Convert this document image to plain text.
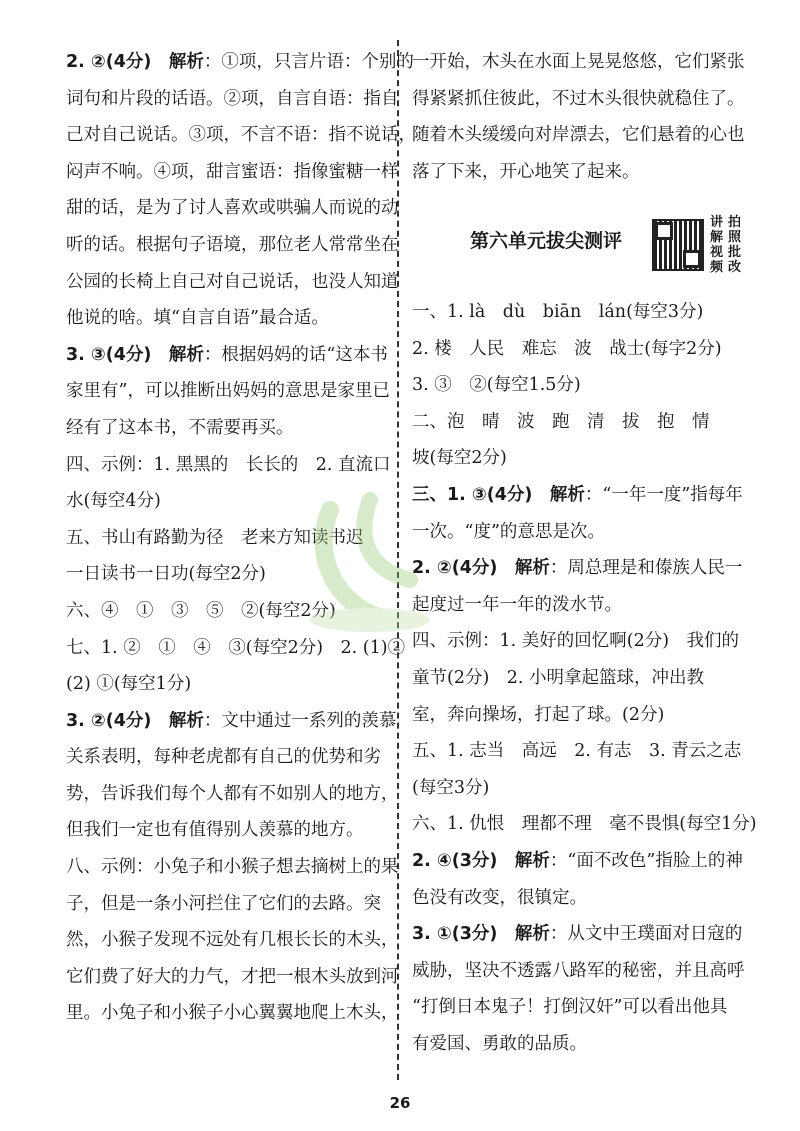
2. ②(4分)　解析：①项，只言片语：个别的

词句和片段的话语。②项，自言自语：指自

己对自己说话。③项，不言不语：指不说话，

闷声不响。④项，甜言蜜语：指像蜜糖一样

甜的话，是为了讨人喜欢或哄骗人而说的动

听的话。根据句子语境，那位老人常常坐在

公园的长椅上自己对自己说话，也没人知道

他说的啥。填“自言自语”最合适。

3. ③(4分)　解析：根据妈妈的话“这本书

家里有”，可以推断出妈妈的意思是家里已

经有了这本书，不需要再买。

四、示例：1. 黑黑的　长长的　2. 直流口

水(每空4分)

五、书山有路勤为径　老来方知读书迟

一日读书一日功(每空2分)

六、④　①　③　⑤　②(每空2分)

七、1. ②　①　④　③(每空2分)　2. (1)②

(2) ①(每空1分)

3. ②(4分)　解析：文中通过一系列的羡慕

关系表明，每种老虎都有自己的优势和劣

势，告诉我们每个人都有不如别人的地方，

但我们一定也有值得别人羡慕的地方。

八、示例：小兔子和小猴子想去摘树上的果

子，但是一条小河拦住了它们的去路。突

然，小猴子发现不远处有几根长长的木头，

它们费了好大的力气，才把一根木头放到河

里。小兔子和小猴子小心翼翼地爬上木头，

一开始，木头在水面上晃晃悠悠，它们紧张

得紧紧抓住彼此，不过木头很快就稳住了。

随着木头缓缓向对岸漂去，它们悬着的心也

落了下来，开心地笑了起来。

第六单元拔尖测评
讲 拍
解 照
视 批
频 改

一、1. là　dù　biān　lán(每空3分)

2. 楼　人民　难忘　波　战士(每字2分)

3. ③　②(每空1.5分)

二、泡　晴　波　跑　清　拔　抱　情

坡(每空2分)

三、1. ③(4分)　解析：“一年一度”指每年

一次。“度”的意思是次。

2. ②(4分)　解析：周总理是和傣族人民一

起度过一年一年的泼水节。

四、示例：1. 美好的回忆啊(2分)　我们的

童节(2分)　2. 小明拿起篮球，冲出教

室，奔向操场，打起了球。(2分)

五、1. 志当　高远　2. 有志　3. 青云之志

(每空3分)

六、1. 仇恨　理都不理　毫不畏惧(每空1分)

2. ④(3分)　解析：“面不改色”指脸上的神

色没有改变，很镇定。

3. ①(3分)　解析：从文中王璞面对日寇的

威胁，坚决不透露八路军的秘密，并且高呼

“打倒日本鬼子！打倒汉奸”可以看出他具

有爱国、勇敢的品质。

26
